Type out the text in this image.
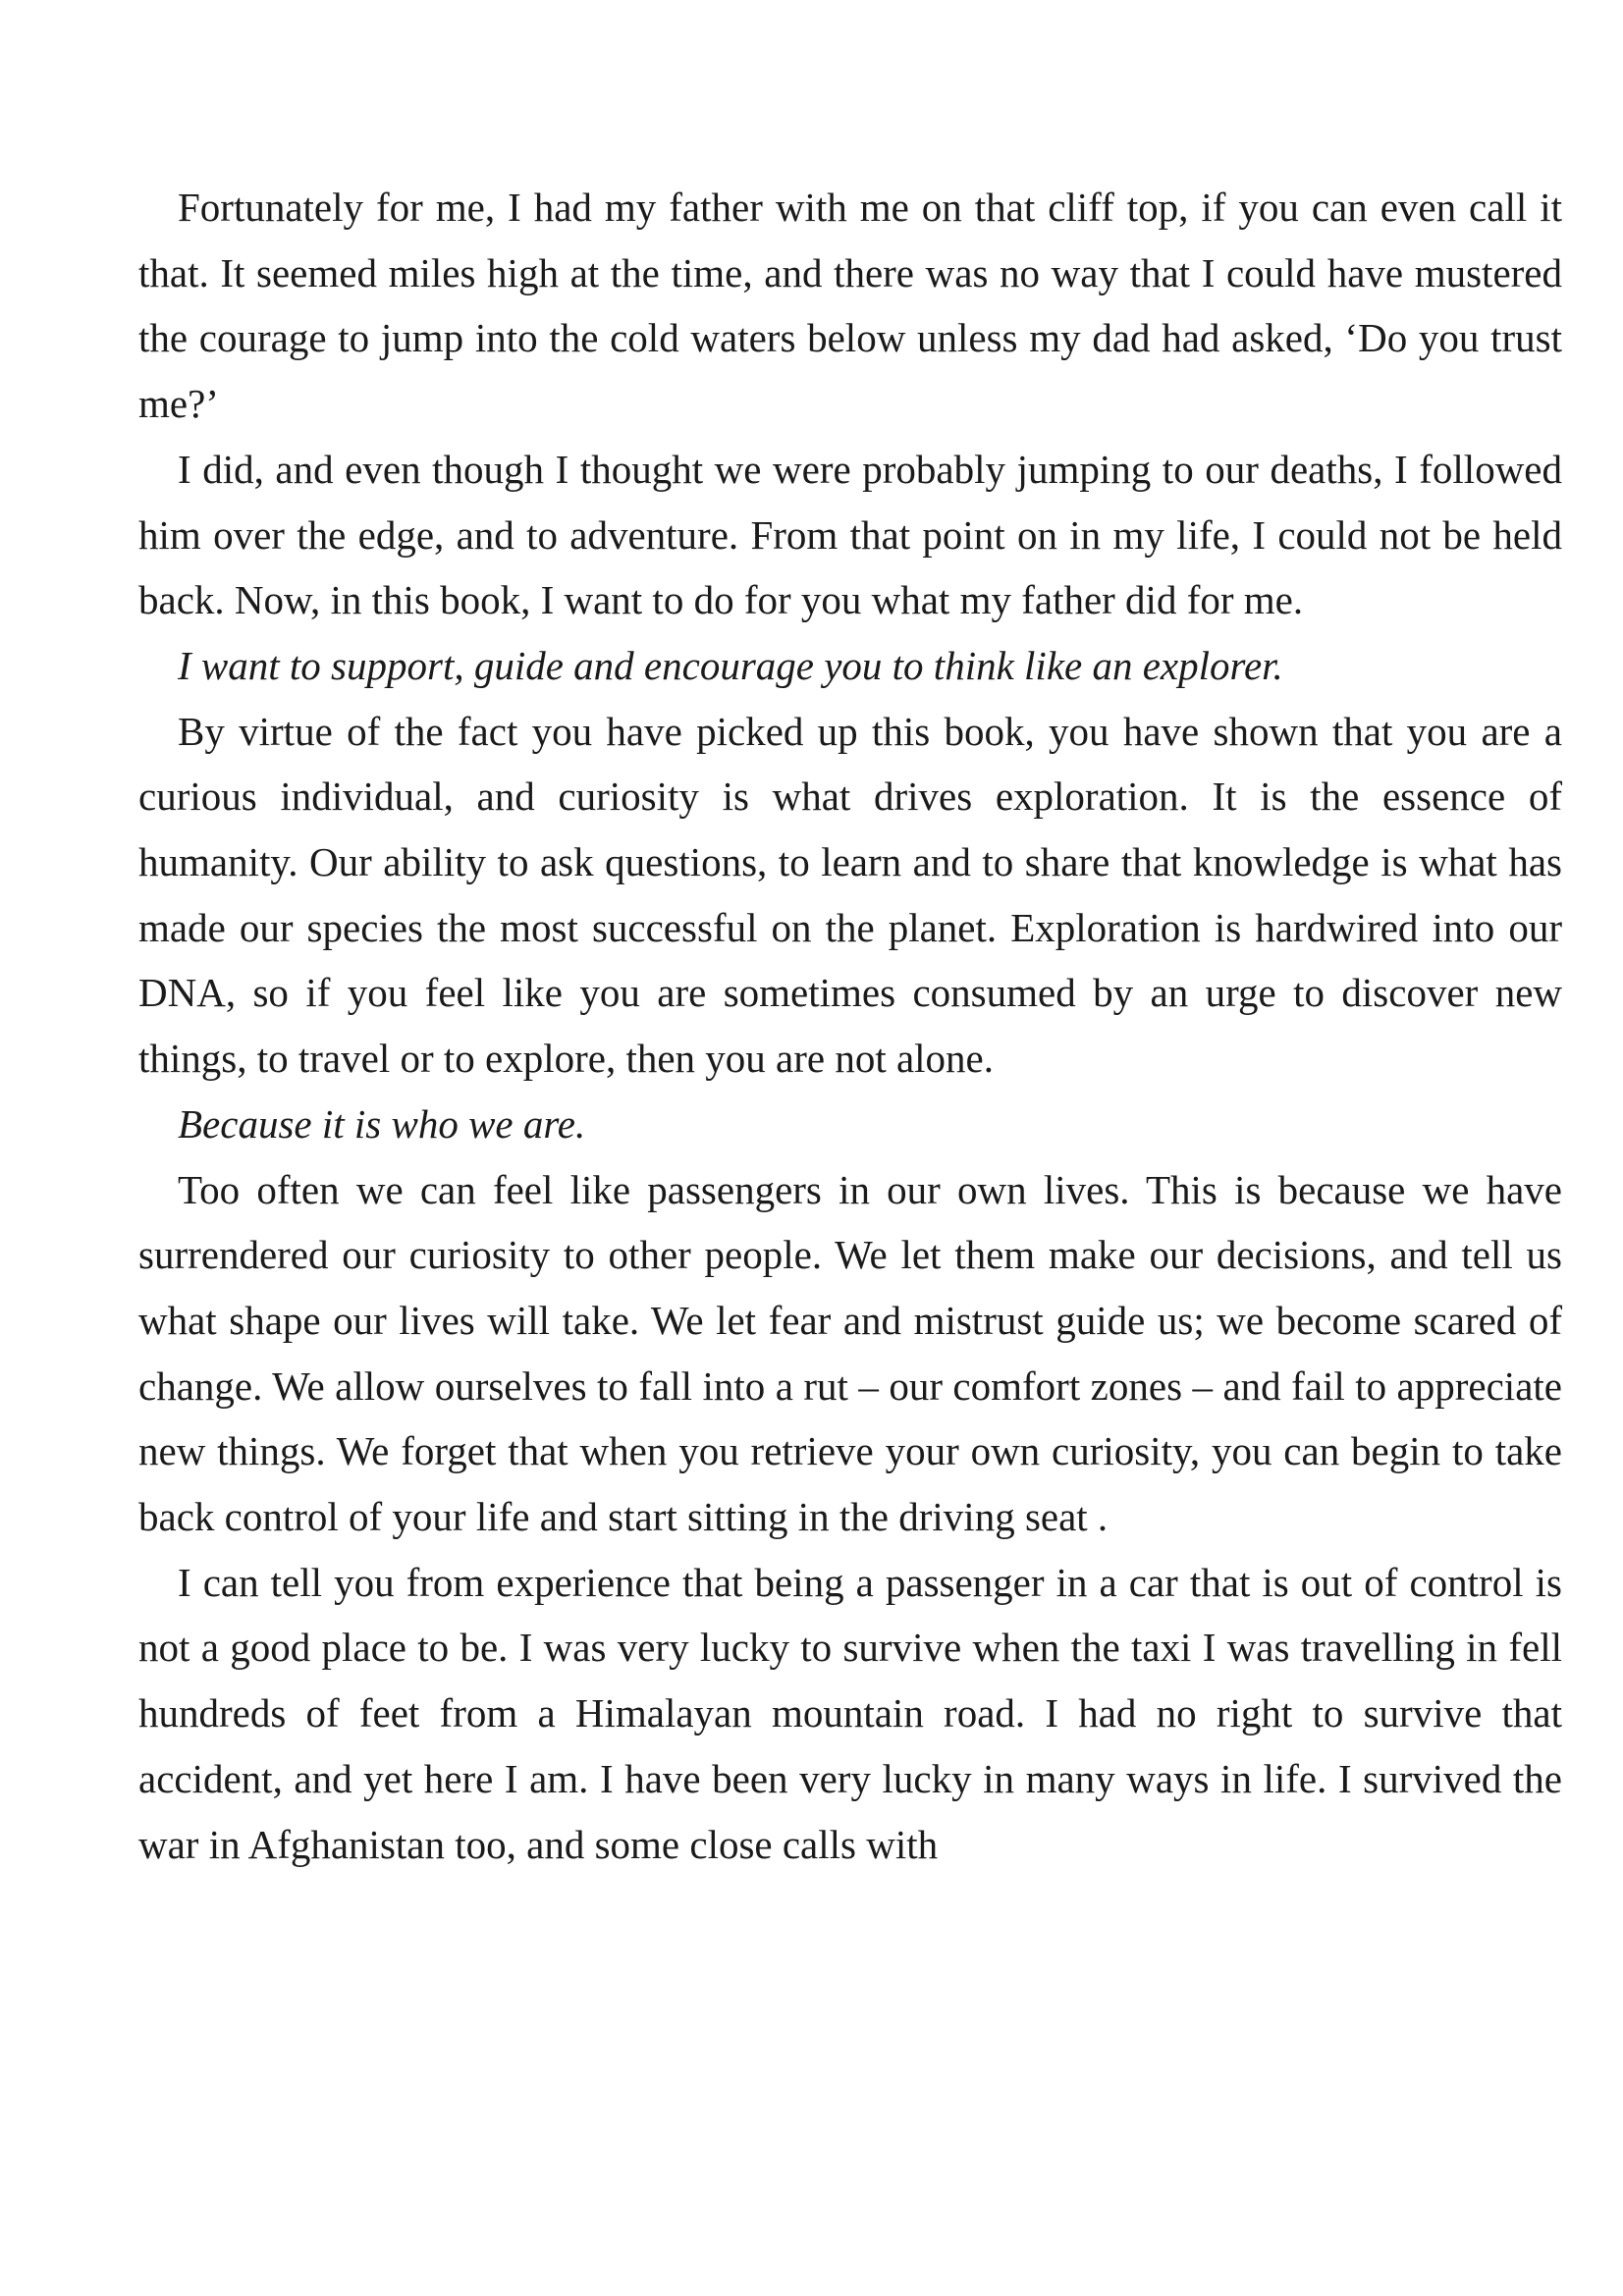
Fortunately for me, I had my father with me on that cliff top, if you can even call it that. It seemed miles high at the time, and there was no way that I could have mustered the courage to jump into the cold waters below unless my dad had asked, ‘Do you trust me?’

I did, and even though I thought we were probably jumping to our deaths, I followed him over the edge, and to adventure. From that point on in my life, I could not be held back. Now, in this book, I want to do for you what my father did for me.

I want to support, guide and encourage you to think like an explorer.

By virtue of the fact you have picked up this book, you have shown that you are a curious individual, and curiosity is what drives exploration. It is the essence of humanity. Our ability to ask questions, to learn and to share that knowledge is what has made our species the most successful on the planet. Exploration is hardwired into our DNA, so if you feel like you are sometimes consumed by an urge to discover new things, to travel or to explore, then you are not alone.

Because it is who we are.

Too often we can feel like passengers in our own lives. This is because we have surrendered our curiosity to other people. We let them make our decisions, and tell us what shape our lives will take. We let fear and mistrust guide us; we become scared of change. We allow ourselves to fall into a rut – our comfort zones – and fail to appreciate new things. We forget that when you retrieve your own curiosity, you can begin to take back control of your life and start sitting in the driving seat .

I can tell you from experience that being a passenger in a car that is out of control is not a good place to be. I was very lucky to survive when the taxi I was travelling in fell hundreds of feet from a Himalayan mountain road. I had no right to survive that accident, and yet here I am. I have been very lucky in many ways in life. I survived the war in Afghanistan too, and some close calls with
